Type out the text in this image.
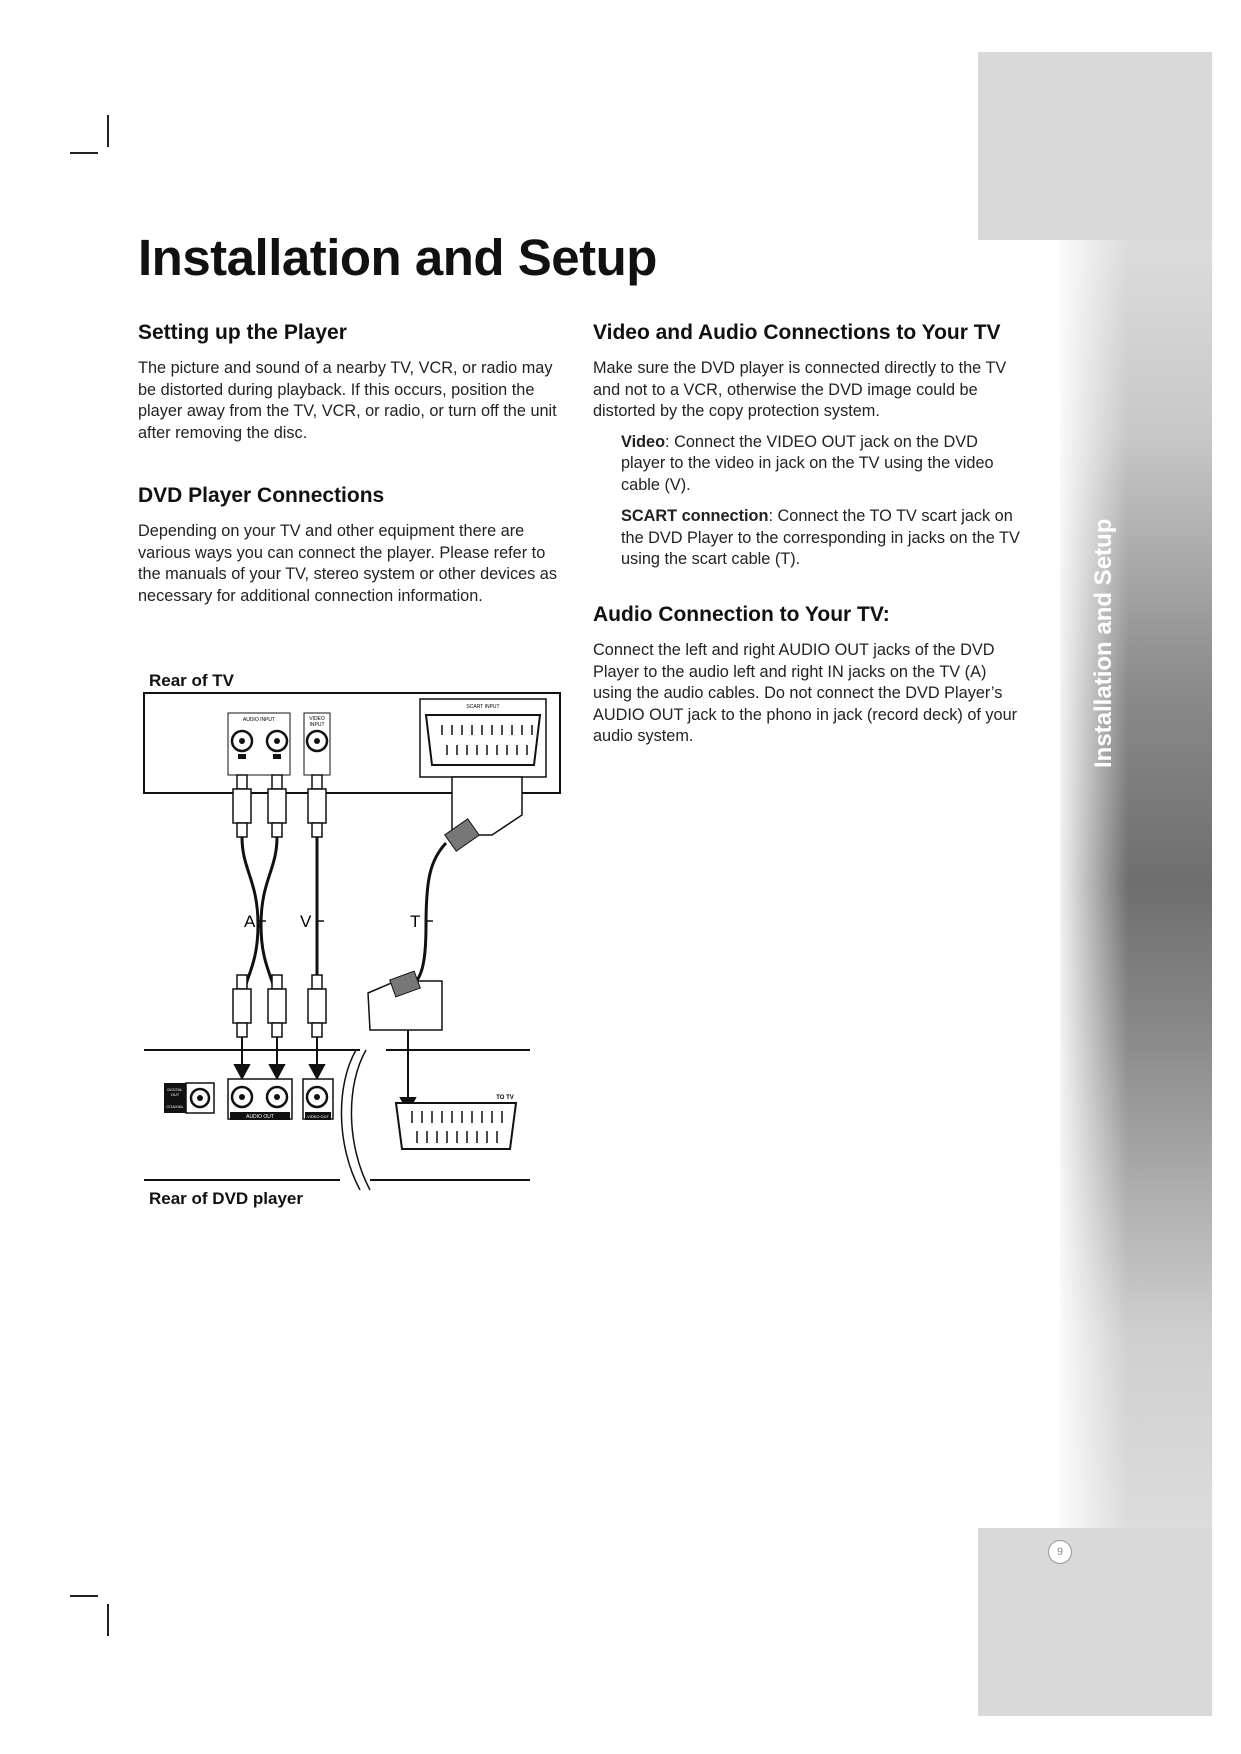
9
Installation and Setup
Setting up the Player

The picture and sound of a nearby TV, VCR, or radio may be distorted during playback. If this occurs, position the player away from the TV, VCR, or radio, or turn off the unit after removing the disc.

DVD Player Connections

Depending on your TV and other equipment there are various ways you can connect the player. Please refer to the manuals of your TV, stereo system or other devices as necessary for additional connection information.

Video and Audio Connections to Your TV

Make sure the DVD player is connected directly to the TV and not to a VCR, otherwise the DVD image could be distorted by the copy protection system.

Video: Connect the VIDEO OUT jack on the DVD player to the video in jack on the TV using the video cable (V).

SCART connection: Connect the TO TV scart jack on the DVD Player to the corresponding in jacks on the TV using the scart cable (T).

Audio Connection to Your TV:

Connect the left and right AUDIO OUT jacks of the DVD Player to the audio left and right IN jacks on the TV (A) using the audio cables. Do not connect the DVD Player’s AUDIO OUT jack to the phono in jack (record deck) of your audio system.

Rear of TV
Rear of DVD player
AUDIO INPUT	VIDEO
INPUT
SCART INPUT
A	V	T
DIGITAL
OUT
COAXIAL
AUDIO OUT	VIDEO OUT
TO TV
